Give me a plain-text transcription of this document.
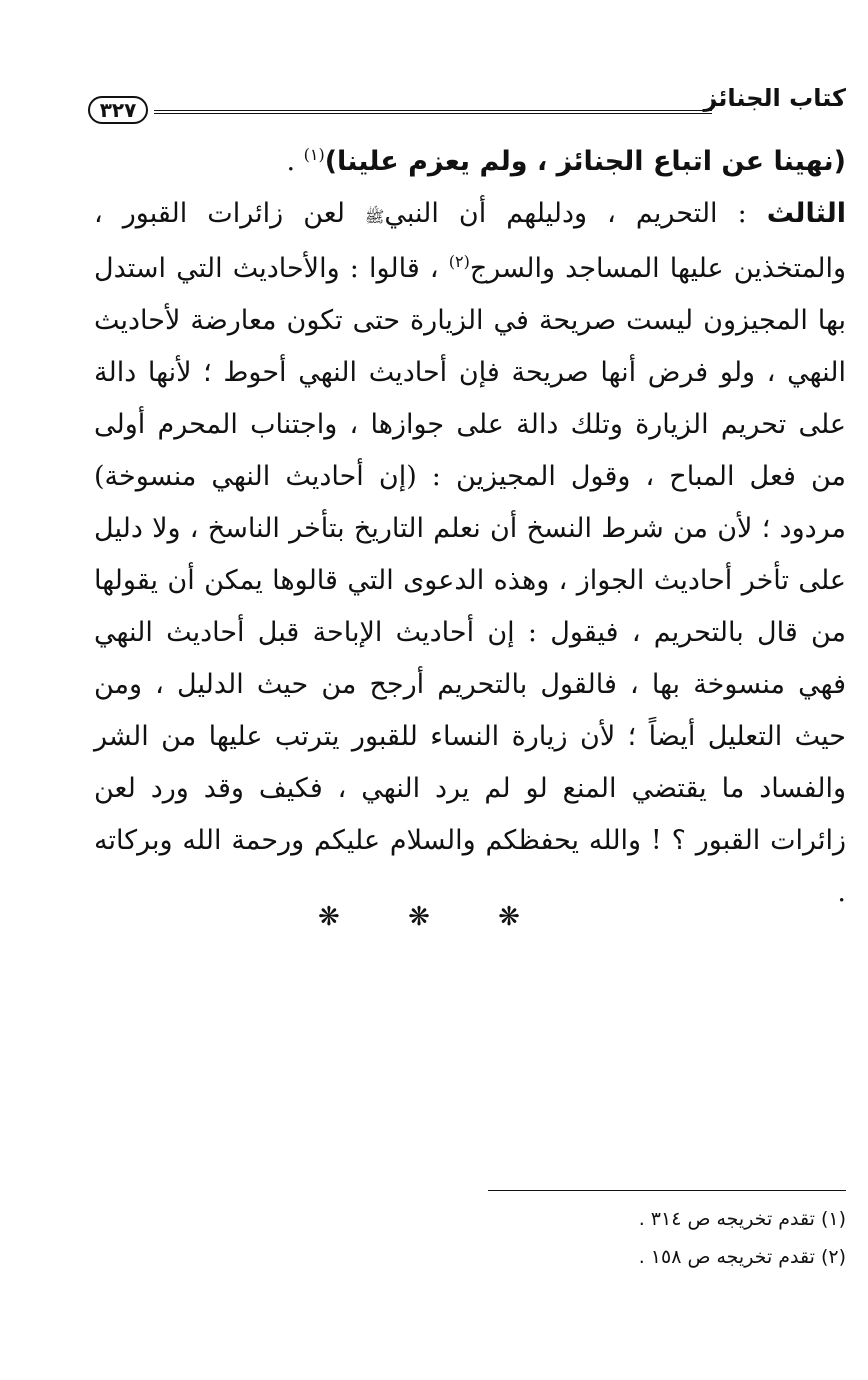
كتاب الجنائز
٣٢٧

(نهينا عن اتباع الجنائز ، ولم يعزم علينا)$^{(١)}$ .

الثالث : التحريم ، ودليلهم أن النبيﷺ لعن زائرات القبور ، والمتخذين عليها المساجد والسرج$^{(٢)}$ ، قالوا : والأحاديث التي استدل بها المجيزون ليست صريحة في الزيارة حتى تكون معارضة لأحاديث النهي ، ولو فرض أنها صريحة فإن أحاديث النهي أحوط ؛ لأنها دالة على تحريم الزيارة وتلك دالة على جوازها ، واجتناب المحرم أولى من فعل المباح ، وقول المجيزين : (إن أحاديث النهي منسوخة) مردود ؛ لأن من شرط النسخ أن نعلم التاريخ بتأخر الناسخ ، ولا دليل على تأخر أحاديث الجواز ، وهذه الدعوى التي قالوها يمكن أن يقولها من قال بالتحريم ، فيقول : إن أحاديث الإباحة قبل أحاديث النهي فهي منسوخة بها ، فالقول بالتحريم أرجح من حيث الدليل ، ومن حيث التعليل أيضاً ؛ لأن زيارة النساء للقبور يترتب عليها من الشر والفساد ما يقتضي المنع لو لم يرد النهي ، فكيف وقد ورد لعن زائرات القبور ؟ ! والله يحفظكم والسلام عليكم ورحمة الله وبركاته .

❋ ❋ ❋

(١) تقدم تخريجه ص ٣١٤ .

(٢) تقدم تخريجه ص ١٥٨ .
